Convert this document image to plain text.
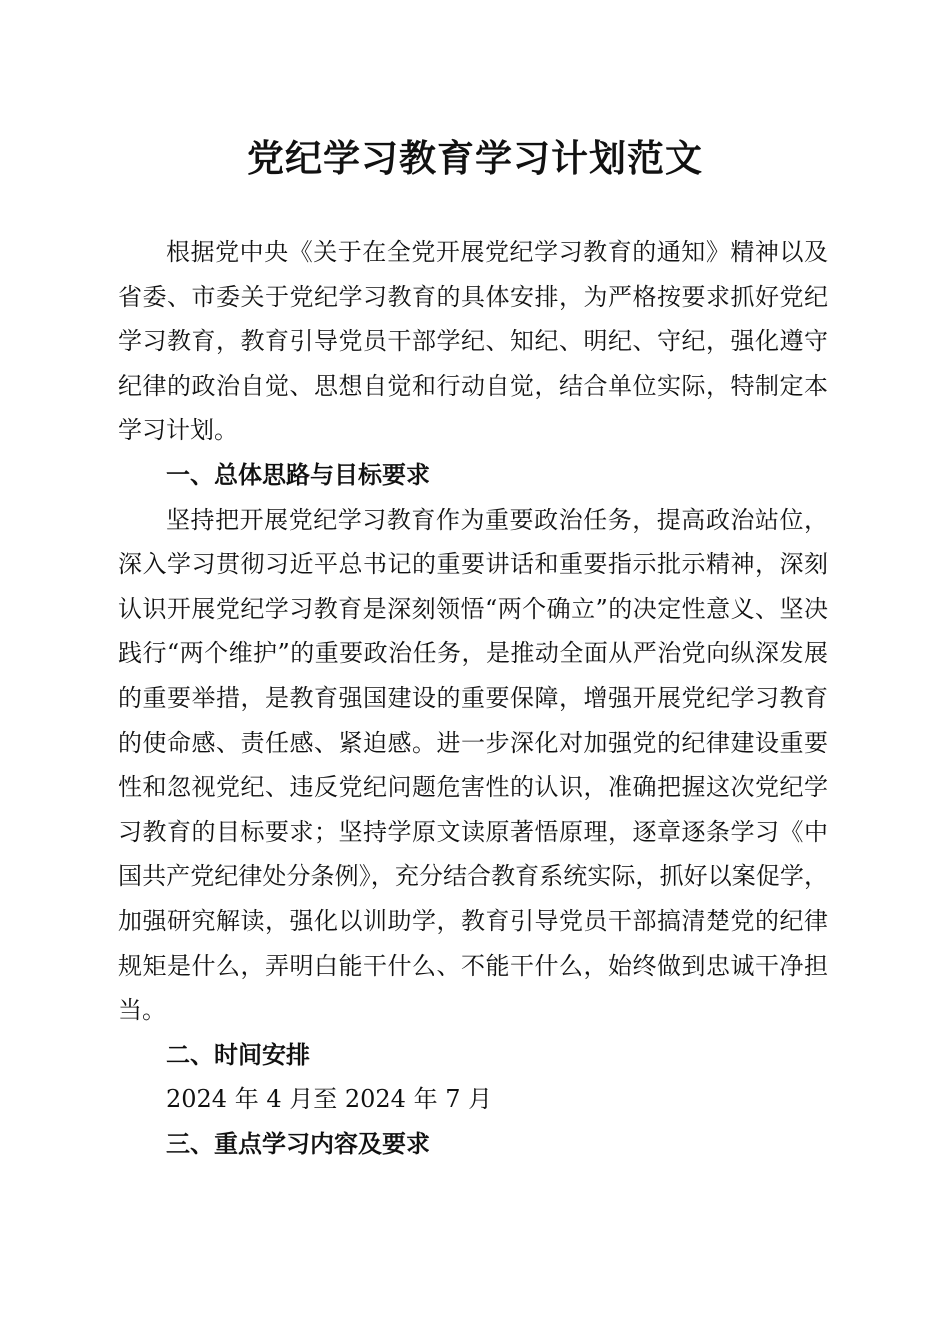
党纪学习教育学习计划范文

根据党中央《关于在全党开展党纪学习教育的通知》精神以及省委、市委关于党纪学习教育的具体安排，为严格按要求抓好党纪学习教育，教育引导党员干部学纪、知纪、明纪、守纪，强化遵守纪律的政治自觉、思想自觉和行动自觉，结合单位实际，特制定本学习计划。

一、总体思路与目标要求

坚持把开展党纪学习教育作为重要政治任务，提高政治站位，深入学习贯彻习近平总书记的重要讲话和重要指示批示精神，深刻认识开展党纪学习教育是深刻领悟“两个确立”的决定性意义、坚决践行“两个维护”的重要政治任务，是推动全面从严治党向纵深发展的重要举措，是教育强国建设的重要保障，增强开展党纪学习教育的使命感、责任感、紧迫感。进一步深化对加强党的纪律建设重要性和忽视党纪、违反党纪问题危害性的认识，准确把握这次党纪学习教育的目标要求；坚持学原文读原著悟原理，逐章逐条学习《中国共产党纪律处分条例》，充分结合教育系统实际，抓好以案促学，加强研究解读，强化以训助学，教育引导党员干部搞清楚党的纪律规矩是什么，弄明白能干什么、不能干什么，始终做到忠诚干净担当。

二、时间安排

2024 年 4 月至 2024 年 7 月

三、重点学习内容及要求
